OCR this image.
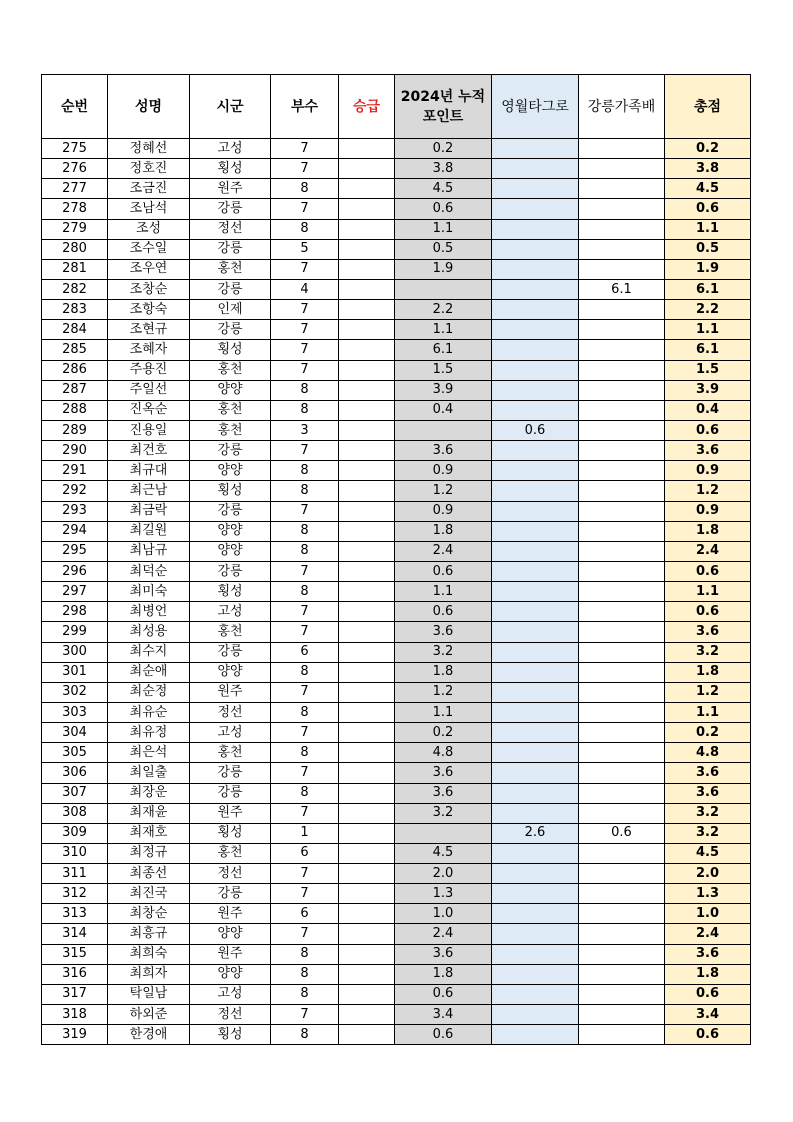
순번	성명	시군	부수	승급	2024년 누적포인트	영월타그로	강릉가족배	총점
275	정혜선	고성	7		0.2			0.2
276	정호진	횡성	7		3.8			3.8
277	조금진	원주	8		4.5			4.5
278	조남석	강릉	7		0.6			0.6
279	조성	정선	8		1.1			1.1
280	조수일	강릉	5		0.5			0.5
281	조우연	홍천	7		1.9			1.9
282	조창순	강릉	4				6.1	6.1
283	조항숙	인제	7		2.2			2.2
284	조현규	강릉	7		1.1			1.1
285	조혜자	횡성	7		6.1			6.1
286	주용진	홍천	7		1.5			1.5
287	주일선	양양	8		3.9			3.9
288	진옥순	홍천	8		0.4			0.4
289	진용일	홍천	3			0.6		0.6
290	최건호	강릉	7		3.6			3.6
291	최규대	양양	8		0.9			0.9
292	최근남	횡성	8		1.2			1.2
293	최금락	강릉	7		0.9			0.9
294	최길원	양양	8		1.8			1.8
295	최남규	양양	8		2.4			2.4
296	최덕순	강릉	7		0.6			0.6
297	최미숙	횡성	8		1.1			1.1
298	최병언	고성	7		0.6			0.6
299	최성용	홍천	7		3.6			3.6
300	최수지	강릉	6		3.2			3.2
301	최순애	양양	8		1.8			1.8
302	최순정	원주	7		1.2			1.2
303	최유순	정선	8		1.1			1.1
304	최유정	고성	7		0.2			0.2
305	최은석	홍천	8		4.8			4.8
306	최일출	강릉	7		3.6			3.6
307	최장운	강릉	8		3.6			3.6
308	최재윤	원주	7		3.2			3.2
309	최재호	횡성	1			2.6	0.6	3.2
310	최정규	홍천	6		4.5			4.5
311	최종선	정선	7		2.0			2.0
312	최진국	강릉	7		1.3			1.3
313	최창순	원주	6		1.0			1.0
314	최흥규	양양	7		2.4			2.4
315	최희숙	원주	8		3.6			3.6
316	최희자	양양	8		1.8			1.8
317	탁일남	고성	8		0.6			0.6
318	하외준	정선	7		3.4			3.4
319	한경애	횡성	8		0.6			0.6
